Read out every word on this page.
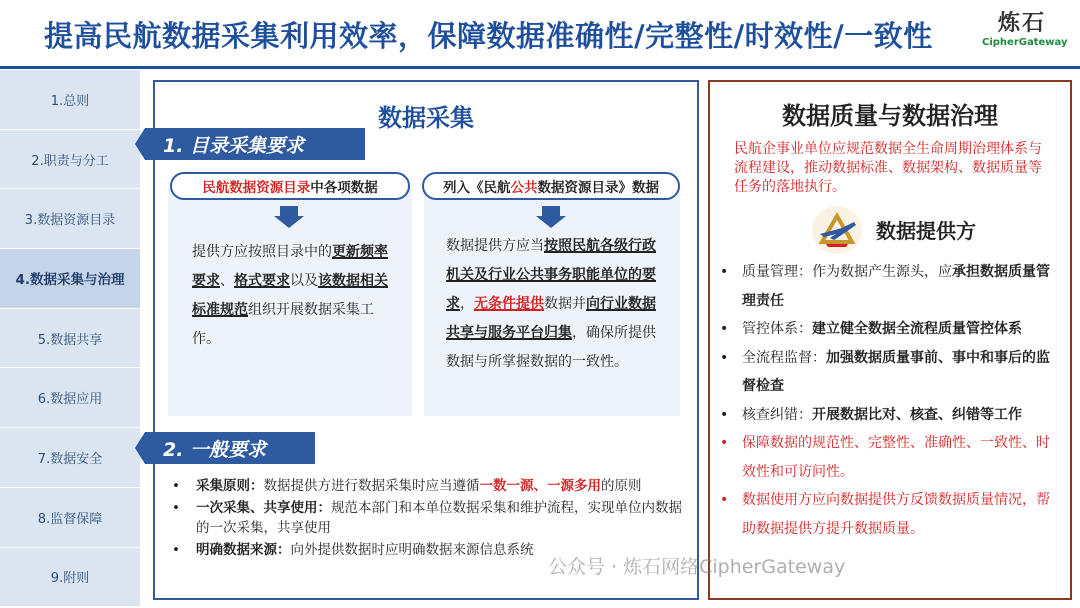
提高民航数据采集利用效率，保障数据准确性/完整性/时效性/一致性	炼石
CipherGateway
1.总则
2.职责与分工
3.数据资源目录
4.数据采集与治理
5.数据共享
6.数据应用
7.数据安全
8.监督保障
9.附则
数据采集
1. 目录采集要求
民航数据资源目录 中各项数据	列入《民航 公共 数据资源目录》数据
提供方应按照目录中的更新频率要求、格式要求以及该数据相关标准规范组织开展数据采集工作。
数据提供方应当按照民航各级行政机关及行业公共事务职能单位的要求，无条件提供数据并向行业数据共享与服务平台归集，确保所提供数据与所掌握数据的一致性。
2. 一般要求
• 采集原则：数据提供方进行数据采集时应当遵循一数一源、一源多用的原则
• 一次采集、共享使用：规范本部门和本单位数据采集和维护流程，实现单位内数据的一次采集，共享使用
• 明确数据来源：向外提供数据时应明确数据来源信息系统
数据质量与数据治理
民航企事业单位应规范数据全生命周期治理体系与流程建设，推动数据标准、数据架构、数据质量等任务的落地执行。
数据提供方
• 质量管理：作为数据产生源头，应承担数据质量管理责任
• 管控体系：建立健全数据全流程质量管控体系
• 全流程监督：加强数据质量事前、事中和事后的监督检查
• 核查纠错：开展数据比对、核查、纠错等工作
• 保障数据的规范性、完整性、准确性、一致性、时效性和可访问性。
• 数据使用方应向数据提供方反馈数据质量情况，帮助数据提供方提升数据质量。
公众号 · 炼石网络CipherGateway
